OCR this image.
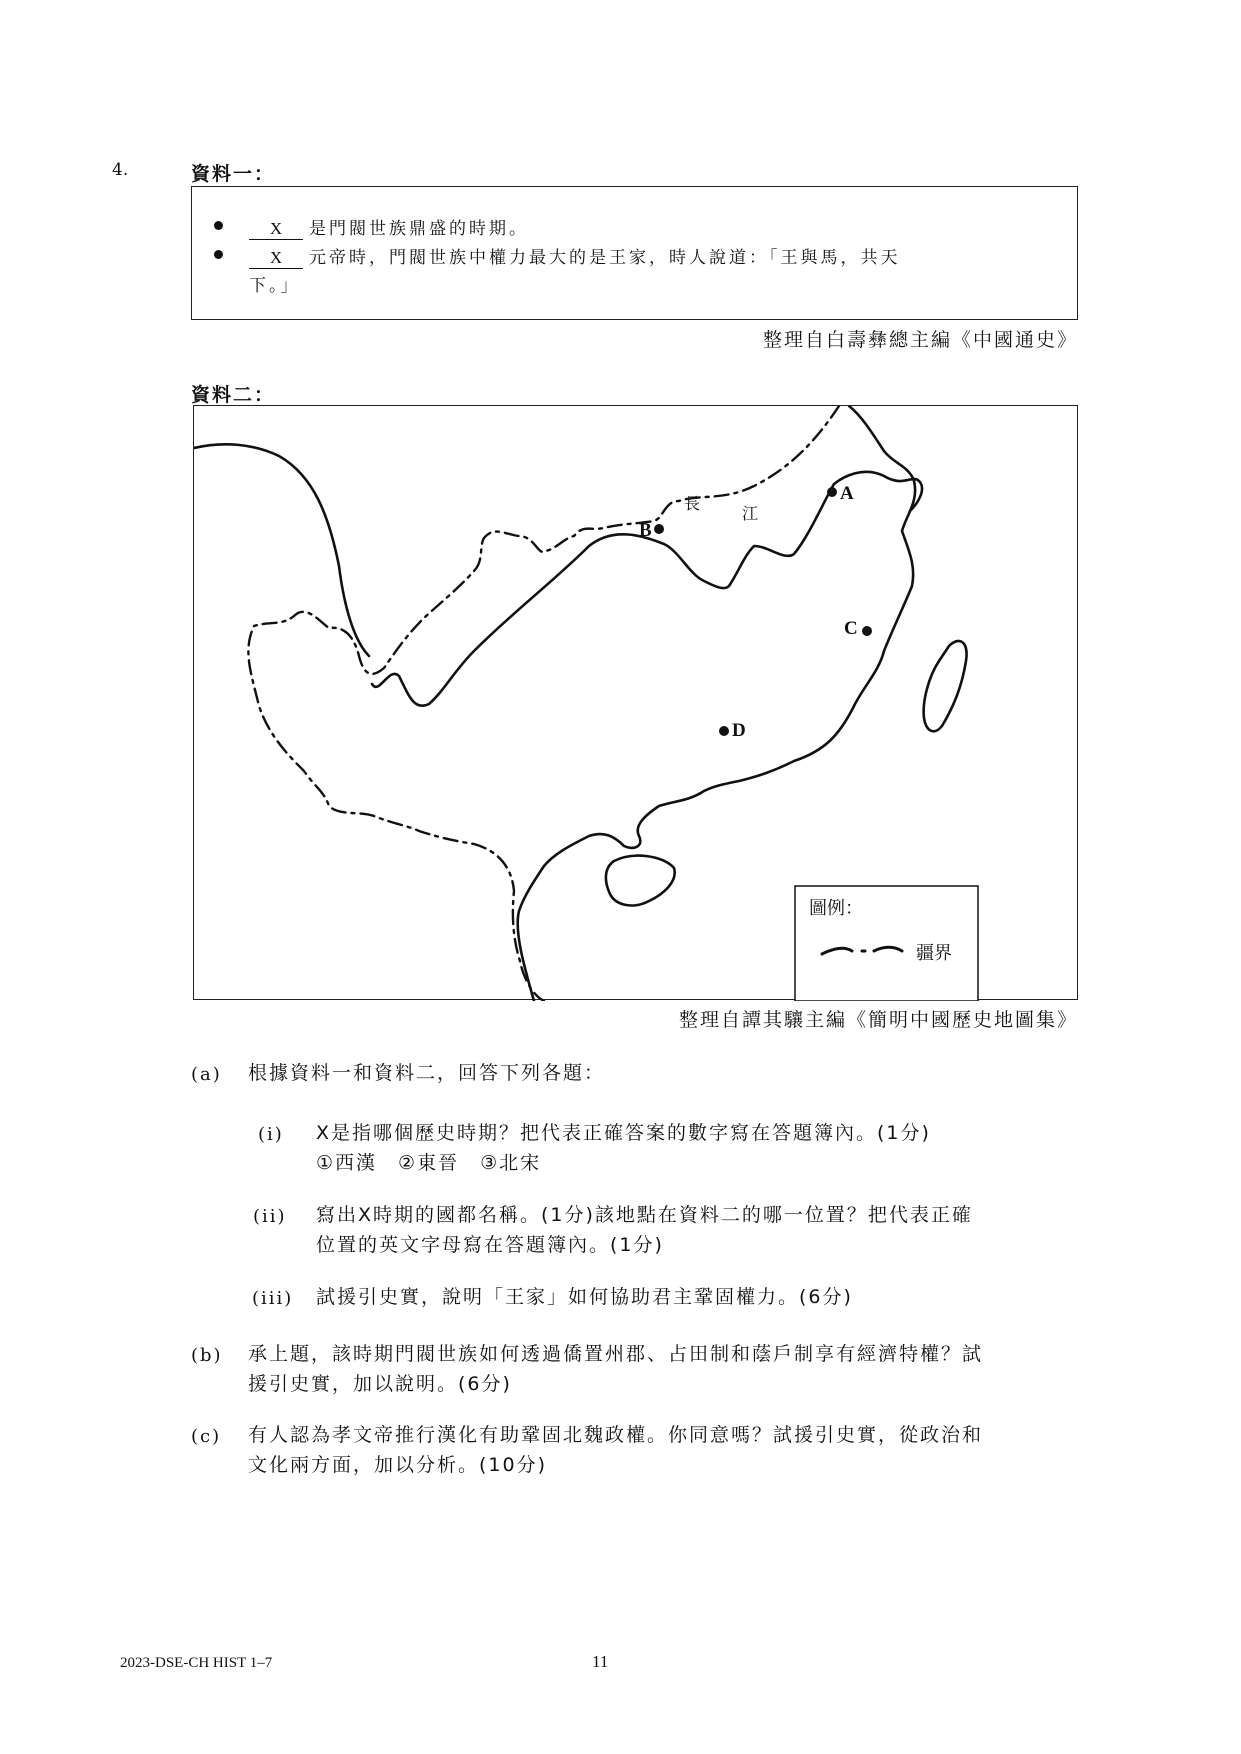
4.	資料一：
X 是門閥世族鼎盛的時期。
X 元帝時，門閥世族中權力最大的是王家，時人說道：「王與馬，共天
下。」
整理自白壽彝總主編《中國通史》
資料二：
A
B
C
D
長
江
圖例：
疆界
整理自譚其驤主編《簡明中國歷史地圖集》
(a) 根據資料一和資料二，回答下列各題：
(i) X是指哪個歷史時期？把代表正確答案的數字寫在答題簿內。(1分)
①西漢　②東晉　③北宋
(ii) 寫出X時期的國都名稱。(1分)該地點在資料二的哪一位置？把代表正確
位置的英文字母寫在答題簿內。(1分)
(iii) 試援引史實，說明「王家」如何協助君主鞏固權力。(6分)
(b) 承上題，該時期門閥世族如何透過僑置州郡、占田制和蔭戶制享有經濟特權？試
援引史實，加以說明。(6分)
(c) 有人認為孝文帝推行漢化有助鞏固北魏政權。你同意嗎？試援引史實，從政治和
文化兩方面，加以分析。(10分)
2023-DSE-CH HIST 1–7	11
